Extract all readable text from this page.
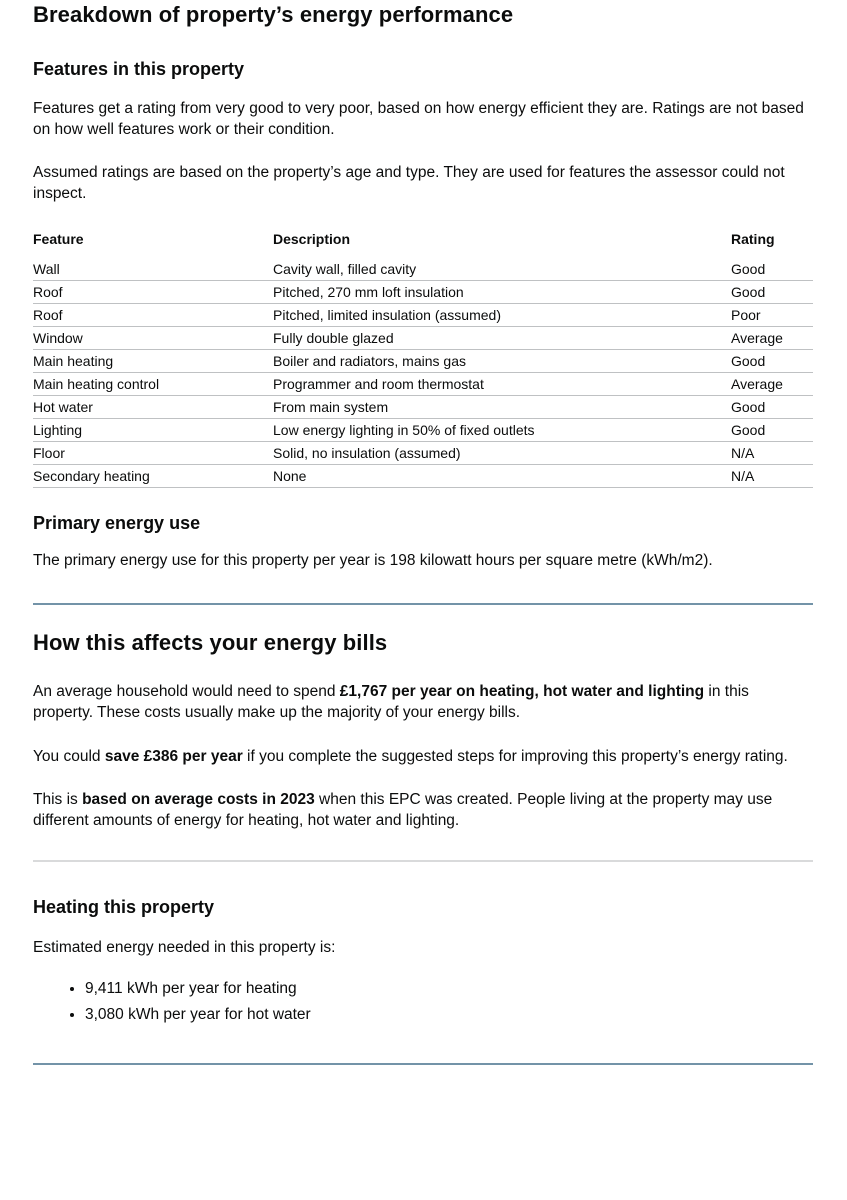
Breakdown of property’s energy performance
Features in this property

Features get a rating from very good to very poor, based on how energy efficient they are. Ratings are not based on how well features work or their condition.

Assumed ratings are based on the property’s age and type. They are used for features the assessor could not inspect.

Feature	Description	Rating
Wall	Cavity wall, filled cavity	Good
Roof	Pitched, 270 mm loft insulation	Good
Roof	Pitched, limited insulation (assumed)	Poor
Window	Fully double glazed	Average
Main heating	Boiler and radiators, mains gas	Good
Main heating control	Programmer and room thermostat	Average
Hot water	From main system	Good
Lighting	Low energy lighting in 50% of fixed outlets	Good
Floor	Solid, no insulation (assumed)	N/A
Secondary heating	None	N/A
Primary energy use

The primary energy use for this property per year is 198 kilowatt hours per square metre (kWh/m2).

How this affects your energy bills

An average household would need to spend £1,767 per year on heating, hot water and lighting in this property. These costs usually make up the majority of your energy bills.

You could save £386 per year if you complete the suggested steps for improving this property’s energy rating.

This is based on average costs in 2023 when this EPC was created. People living at the property may use different amounts of energy for heating, hot water and lighting.

Heating this property

Estimated energy needed in this property is:

• 9,411 kWh per year for heating
• 3,080 kWh per year for hot water
